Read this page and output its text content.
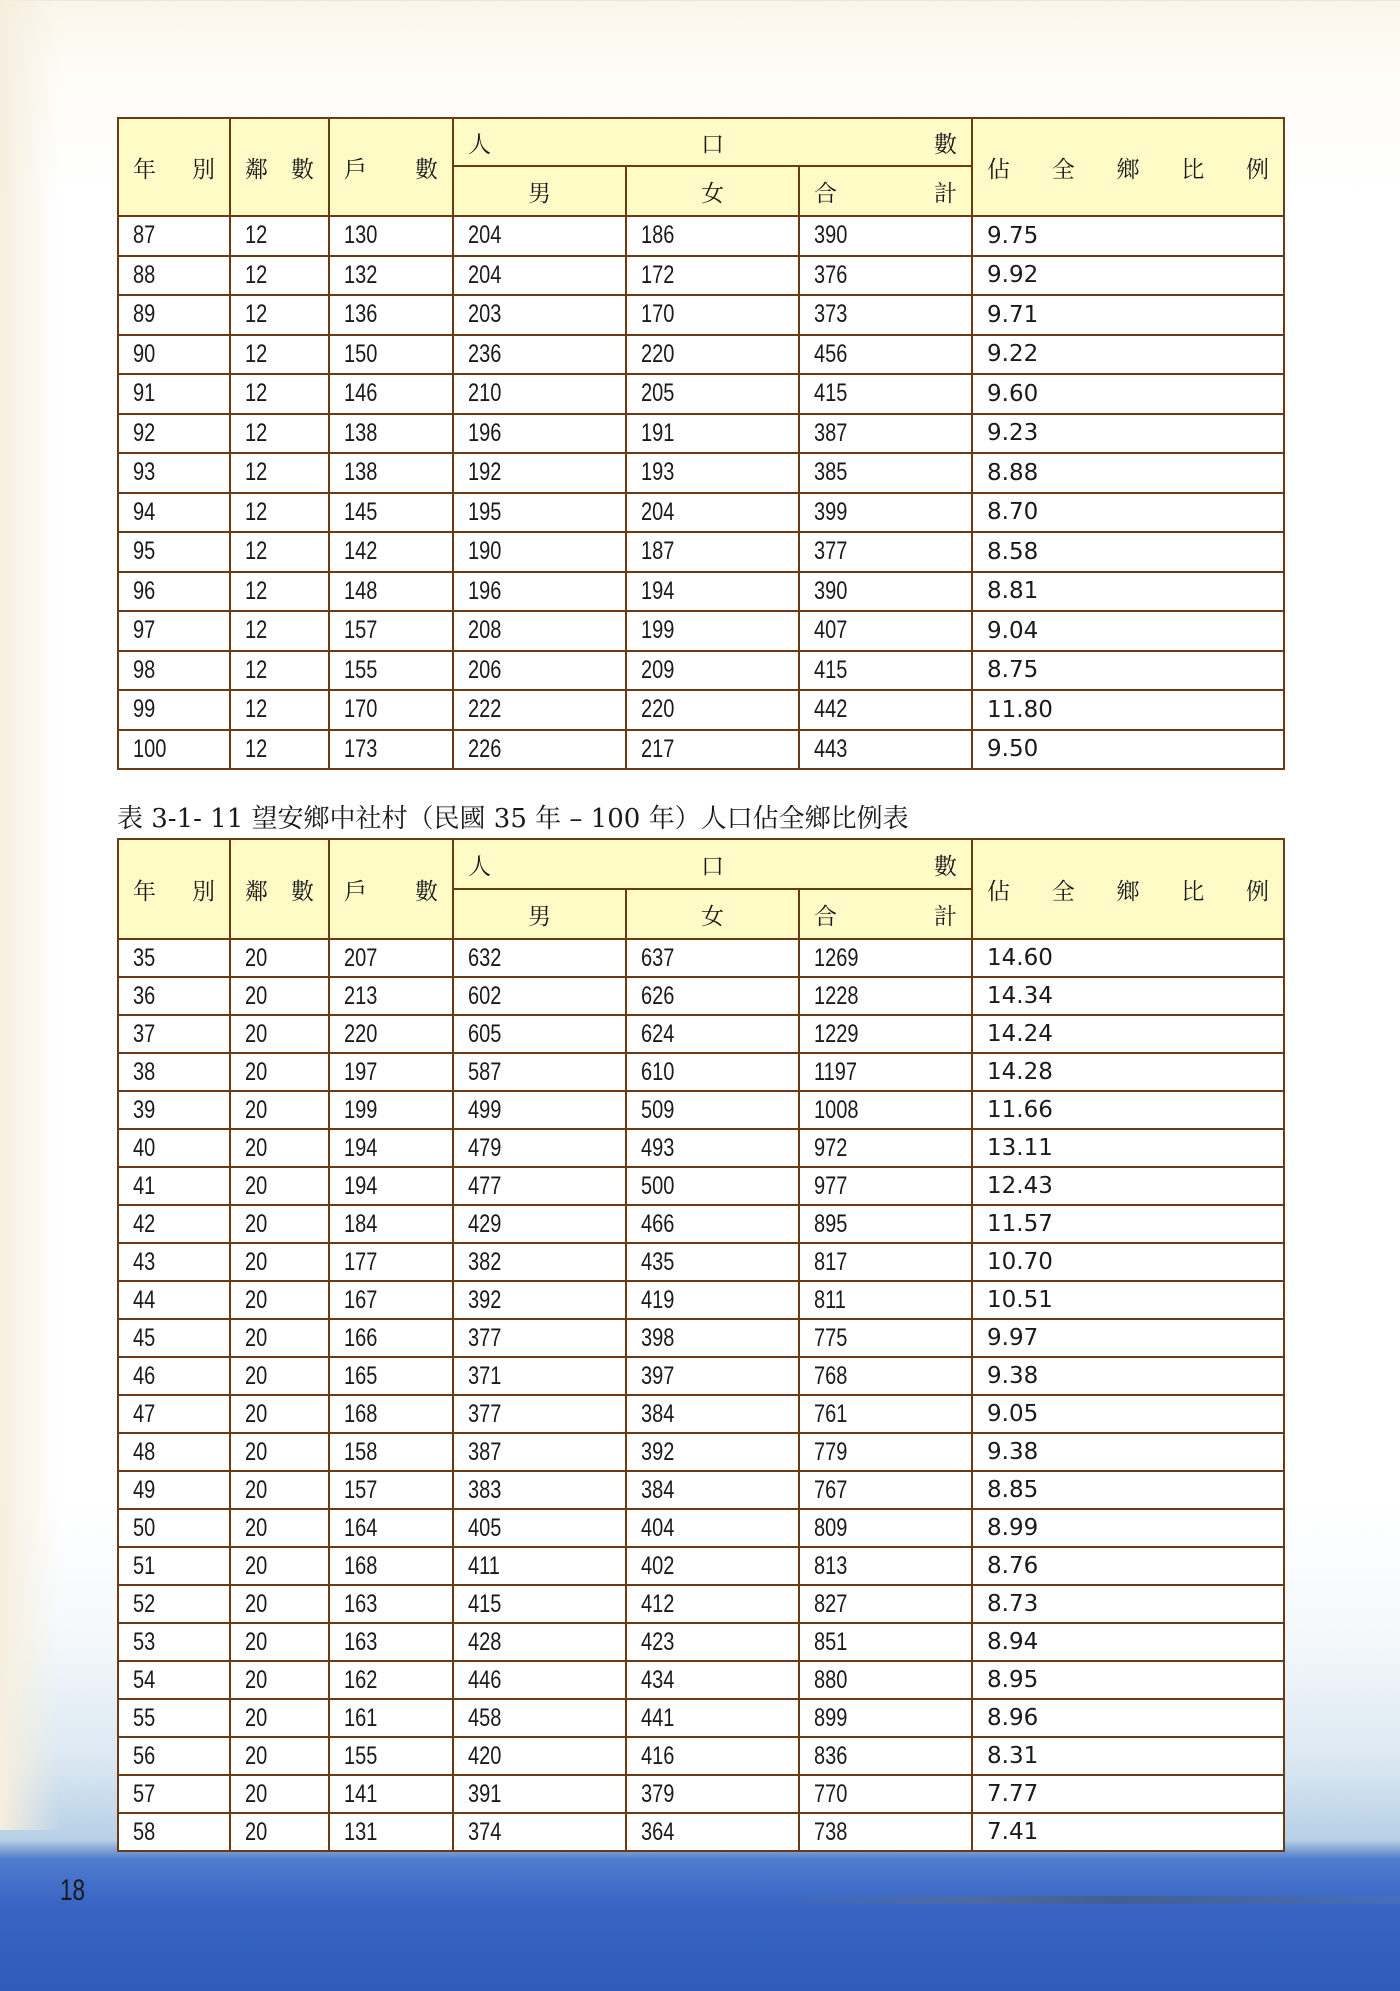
年 別	鄰 數	戶 數	人 口 數			佔 全 鄉 比 例

			男	女	合 計	

87	12	130	204	186	390	9.75
88	12	132	204	172	376	9.92
89	12	136	203	170	373	9.71
90	12	150	236	220	456	9.22
91	12	146	210	205	415	9.60
92	12	138	196	191	387	9.23
93	12	138	192	193	385	8.88
94	12	145	195	204	399	8.70
95	12	142	190	187	377	8.58
96	12	148	196	194	390	8.81
97	12	157	208	199	407	9.04
98	12	155	206	209	415	8.75
99	12	170	222	220	442	11.80
100	12	173	226	217	443	9.50
表 3-1- 11 望安鄉中社村（民國 35 年 – 100 年）人口佔全鄉比例表
年 別	鄰 數	戶 數	人 口 數			佔 全 鄉 比 例

			男	女	合 計	

35	20	207	632	637	1269	14.60
36	20	213	602	626	1228	14.34
37	20	220	605	624	1229	14.24
38	20	197	587	610	1197	14.28
39	20	199	499	509	1008	11.66
40	20	194	479	493	972	13.11
41	20	194	477	500	977	12.43
42	20	184	429	466	895	11.57
43	20	177	382	435	817	10.70
44	20	167	392	419	811	10.51
45	20	166	377	398	775	9.97
46	20	165	371	397	768	9.38
47	20	168	377	384	761	9.05
48	20	158	387	392	779	9.38
49	20	157	383	384	767	8.85
50	20	164	405	404	809	8.99
51	20	168	411	402	813	8.76
52	20	163	415	412	827	8.73
53	20	163	428	423	851	8.94
54	20	162	446	434	880	8.95
55	20	161	458	441	899	8.96
56	20	155	420	416	836	8.31
57	20	141	391	379	770	7.77
58	20	131	374	364	738	7.41
18
